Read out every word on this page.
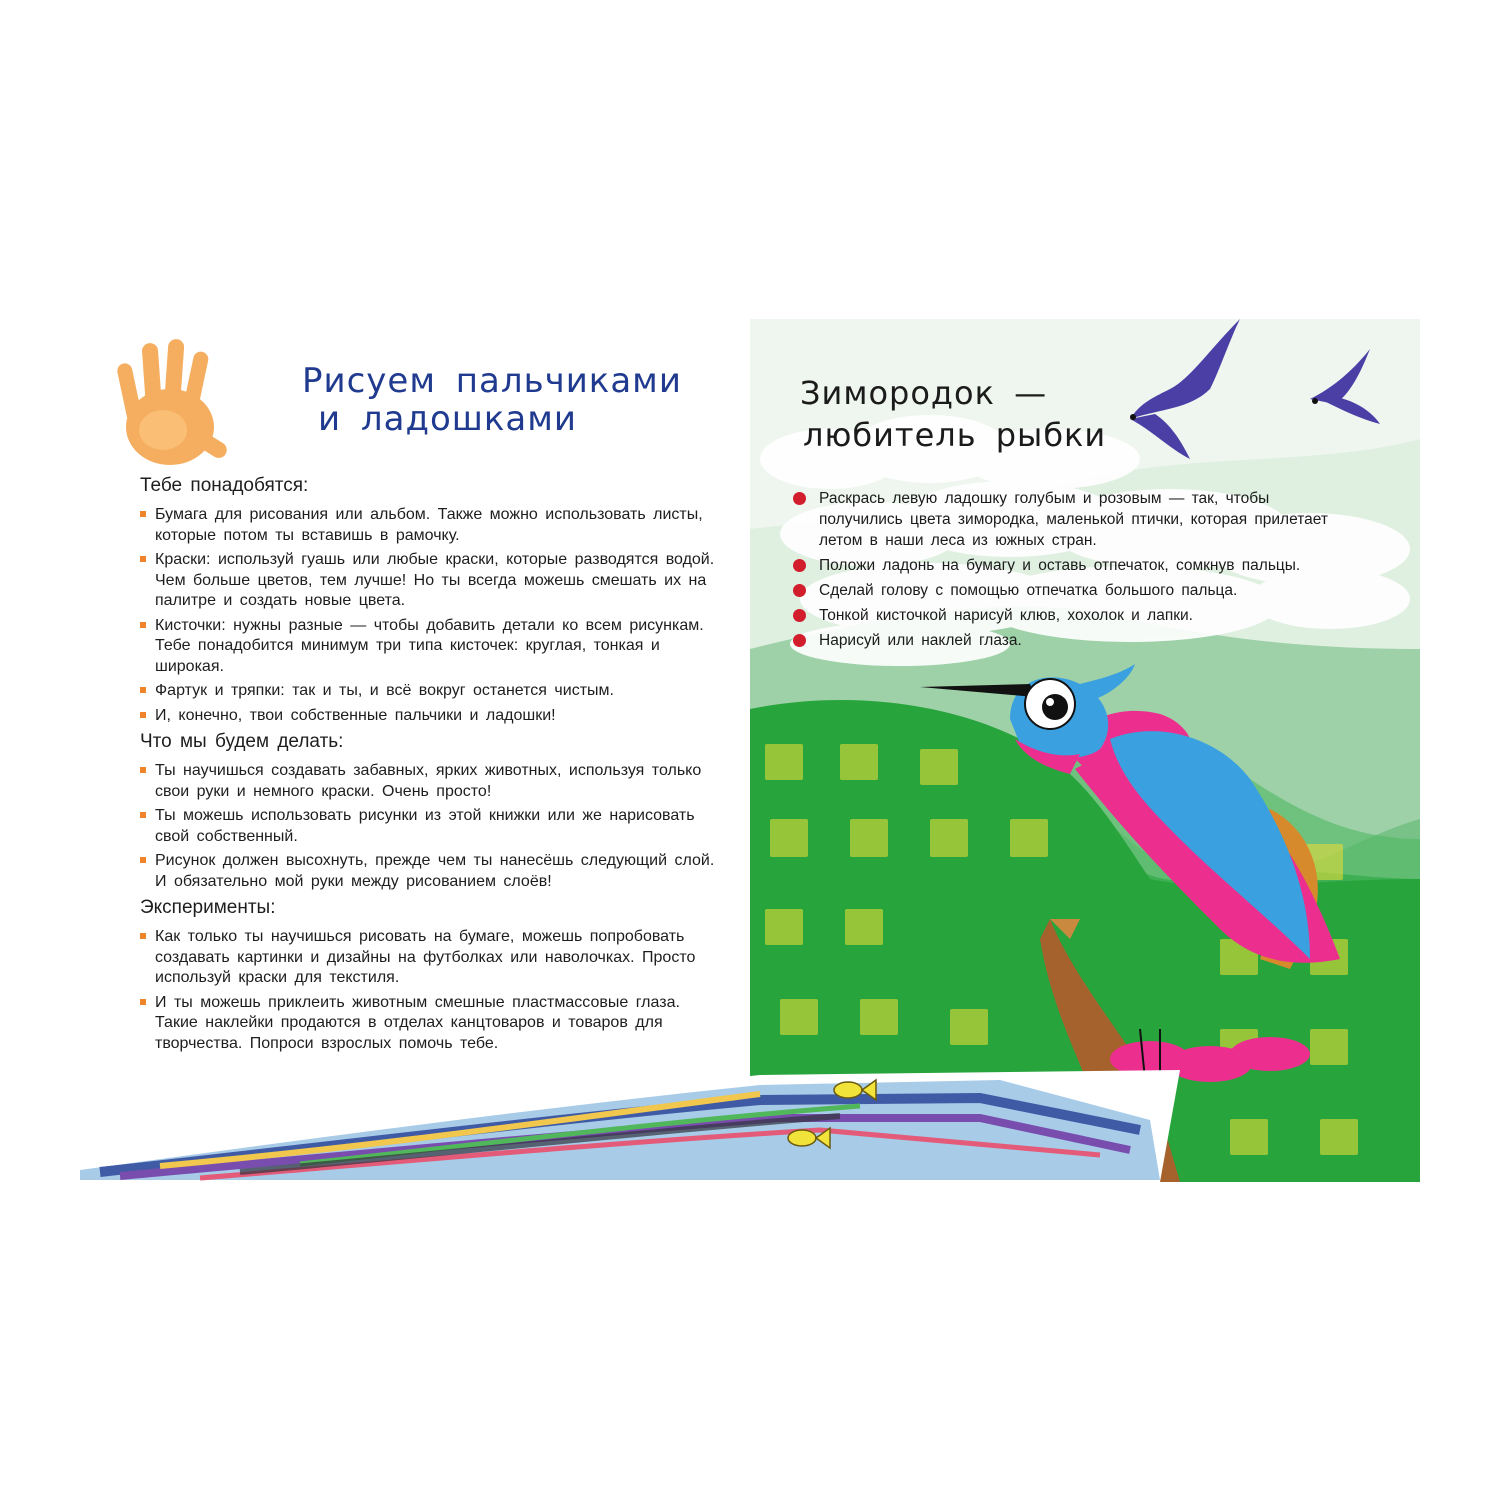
Рисуем пальчиками
и ладошками
Тебе понадобятся:
Бумага для рисования или альбом. Также можно использовать листы, которые потом ты вставишь в рамочку.
Краски: используй гуашь или любые краски, которые разводятся водой. Чем больше цветов, тем лучше! Но ты всегда можешь смешать их на палитре и создать новые цвета.
Кисточки: нужны разные — чтобы добавить детали ко всем рисункам. Тебе понадобится минимум три типа кисточек: круглая, тонкая и широкая.
Фартук и тряпки: так и ты, и всё вокруг останется чистым.
И, конечно, твои собственные пальчики и ладошки!
Что мы будем делать:
Ты научишься создавать забавных, ярких животных, используя только свои руки и немного краски. Очень просто!
Ты можешь использовать рисунки из этой книжки или же нарисовать свой собственный.
Рисунок должен высохнуть, прежде чем ты нанесёшь следующий слой. И обязательно мой руки между рисованием слоёв!
Эксперименты:
Как только ты научишься рисовать на бумаге, можешь попробовать создавать картинки и дизайны на футболках или наволочках. Просто используй краски для текстиля.
И ты можешь приклеить животным смешные пластмассовые глаза. Такие наклейки продаются в отделах канцтоваров и товаров для творчества. Попроси взрослых помочь тебе.
Зимородок —
любитель рыбки
Раскрась левую ладошку голубым и розовым — так, чтобы получились цвета зимородка, маленькой птички, которая прилетает летом в наши леса из южных стран.
Положи ладонь на бумагу и оставь отпечаток, сомкнув пальцы.
Сделай голову с помощью отпечатка большого пальца.
Тонкой кисточкой нарисуй клюв, хохолок и лапки.
Нарисуй или наклей глаза.
